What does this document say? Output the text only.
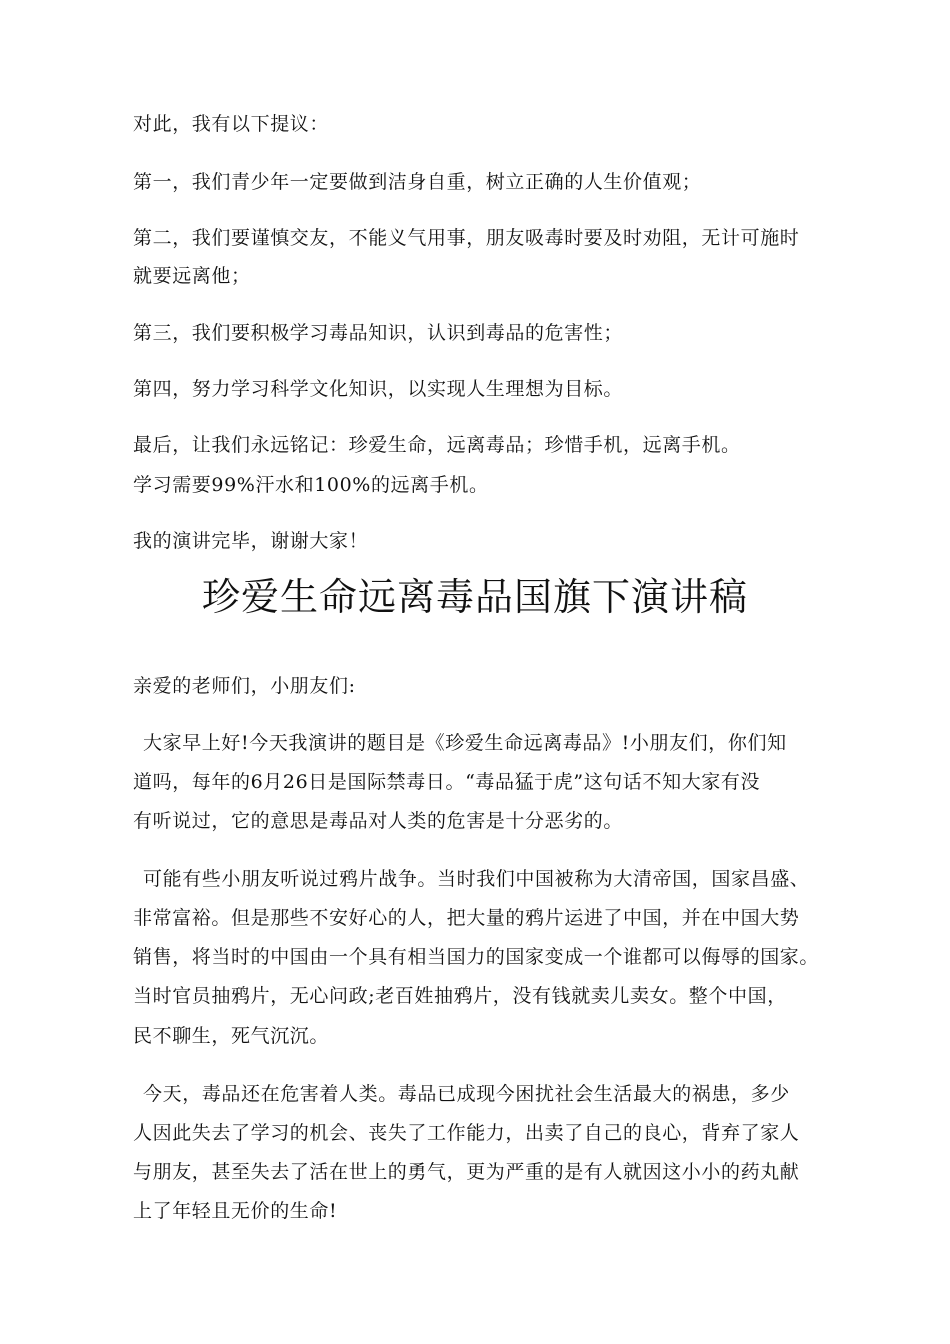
对此，我有以下提议：
第一，我们青少年一定要做到洁身自重，树立正确的人生价值观；
第二，我们要谨慎交友，不能义气用事，朋友吸毒时要及时劝阻，无计可施时
就要远离他；
第三，我们要积极学习毒品知识，认识到毒品的危害性；
第四，努力学习科学文化知识，以实现人生理想为目标。
最后，让我们永远铭记：珍爱生命，远离毒品；珍惜手机，远离手机。
学习需要99%汗水和100%的远离手机。
我的演讲完毕，谢谢大家！
珍爱生命远离毒品国旗下演讲稿
亲爱的老师们，小朋友们:
大家早上好!今天我演讲的题目是《珍爱生命远离毒品》!小朋友们，你们知
道吗，每年的6月26日是国际禁毒日。“毒品猛于虎”这句话不知大家有没
有听说过，它的意思是毒品对人类的危害是十分恶劣的。
可能有些小朋友听说过鸦片战争。当时我们中国被称为大清帝国，国家昌盛、
非常富裕。但是那些不安好心的人，把大量的鸦片运进了中国，并在中国大势
销售，将当时的中国由一个具有相当国力的国家变成一个谁都可以侮辱的国家。
当时官员抽鸦片，无心问政;老百姓抽鸦片，没有钱就卖儿卖女。整个中国，
民不聊生，死气沉沉。
今天，毒品还在危害着人类。毒品已成现今困扰社会生活最大的祸患，多少
人因此失去了学习的机会、丧失了工作能力，出卖了自己的良心，背弃了家人
与朋友，甚至失去了活在世上的勇气，更为严重的是有人就因这小小的药丸献
上了年轻且无价的生命!
